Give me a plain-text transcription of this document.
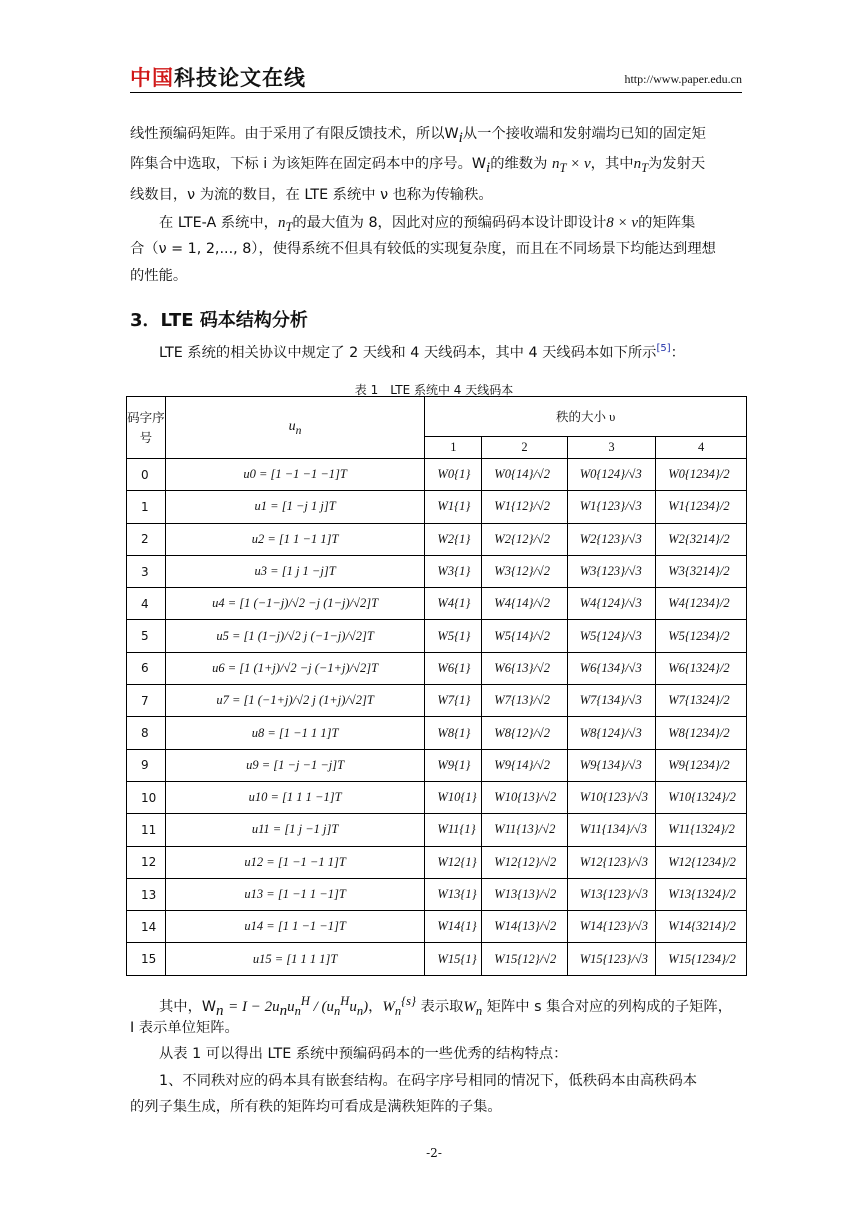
中国科技论文在线	http://www.paper.edu.cn
线性预编码矩阵。由于采用了有限反馈技术，所以$W_i$从一个接收端和发射端均已知的固定矩
阵集合中选取，下标 i 为该矩阵在固定码本中的序号。$W_i$的维数为 $n_T \times \nu$，其中$n_T$为发射天
线数目，ν 为流的数目，在 LTE 系统中 ν 也称为传输秩。
在 LTE-A 系统中，$n_T$的最大值为 8，因此对应的预编码码本设计即设计8 × ν的矩阵集
合（ν = 1, 2,..., 8），使得系统不但具有较低的实现复杂度，而且在不同场景下均能达到理想
的性能。
3．LTE 码本结构分析
LTE 系统的相关协议中规定了 2 天线和 4 天线码本，其中 4 天线码本如下所示[5]：
表 1　LTE 系统中 4 天线码本
码字序号	$u_n$	秩的大小 υ			
		1	2	3	4
0	u0 = [1 −1 −1 −1]T	W0{1}	W0{14}/√2	W0{124}/√3	W0{1234}/2
1	u1 = [1 −j 1 j]T	W1{1}	W1{12}/√2	W1{123}/√3	W1{1234}/2
2	u2 = [1 1 −1 1]T	W2{1}	W2{12}/√2	W2{123}/√3	W2{3214}/2
3	u3 = [1 j 1 −j]T	W3{1}	W3{12}/√2	W3{123}/√3	W3{3214}/2
4	u4 = [1 (−1−j)/√2 −j (1−j)/√2]T	W4{1}	W4{14}/√2	W4{124}/√3	W4{1234}/2
5	u5 = [1 (1−j)/√2 j (−1−j)/√2]T	W5{1}	W5{14}/√2	W5{124}/√3	W5{1234}/2
6	u6 = [1 (1+j)/√2 −j (−1+j)/√2]T	W6{1}	W6{13}/√2	W6{134}/√3	W6{1324}/2
7	u7 = [1 (−1+j)/√2 j (1+j)/√2]T	W7{1}	W7{13}/√2	W7{134}/√3	W7{1324}/2
8	u8 = [1 −1 1 1]T	W8{1}	W8{12}/√2	W8{124}/√3	W8{1234}/2
9	u9 = [1 −j −1 −j]T	W9{1}	W9{14}/√2	W9{134}/√3	W9{1234}/2
10	u10 = [1 1 1 −1]T	W10{1}	W10{13}/√2	W10{123}/√3	W10{1324}/2
11	u11 = [1 j −1 j]T	W11{1}	W11{13}/√2	W11{134}/√3	W11{1324}/2
12	u12 = [1 −1 −1 1]T	W12{1}	W12{12}/√2	W12{123}/√3	W12{1234}/2
13	u13 = [1 −1 1 −1]T	W13{1}	W13{13}/√2	W13{123}/√3	W13{1324}/2
14	u14 = [1 1 −1 −1]T	W14{1}	W14{13}/√2	W14{123}/√3	W14{3214}/2
15	u15 = [1 1 1 1]T	W15{1}	W15{12}/√2	W15{123}/√3	W15{1234}/2
其中，$W_n = I - 2u_nu_n^H / (u_n^Hu_n)$，$W_n^{\{s\}}$ 表示取$W_n$ 矩阵中 s 集合对应的列构成的子矩阵，
I 表示单位矩阵。
从表 1 可以得出 LTE 系统中预编码码本的一些优秀的结构特点：
1、不同秩对应的码本具有嵌套结构。在码字序号相同的情况下，低秩码本由高秩码本
的列子集生成，所有秩的矩阵均可看成是满秩矩阵的子集。
-2-
